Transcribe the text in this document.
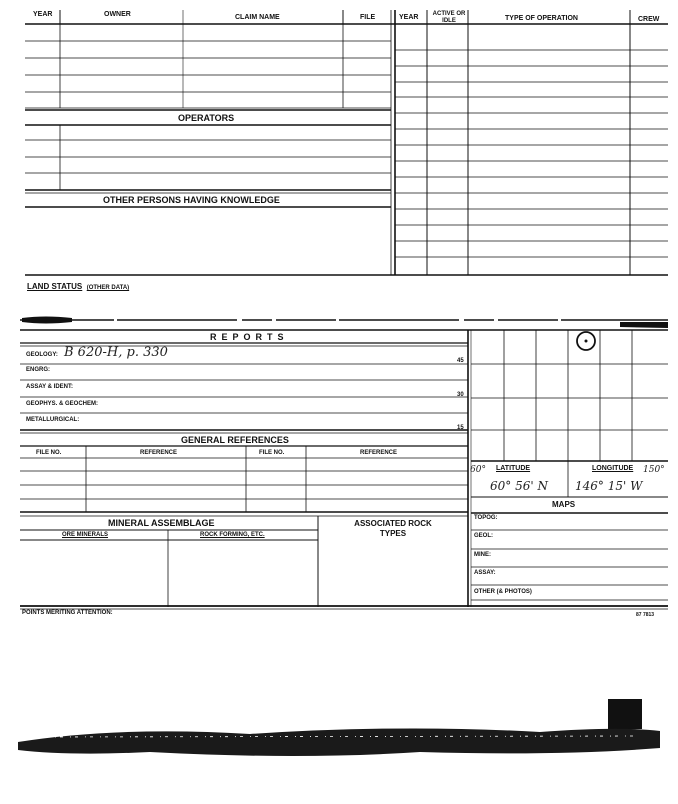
YEAR	OWNER	CLAIM NAME	FILE	YEAR ACTIVE OR IDLE	TYPE OF OPERATION	CREW
OPERATORS
OTHER PERSONS HAVING KNOWLEDGE
LAND STATUS (OTHER DATA)
REPORTS
GEOLOGY: B 620-H, p. 330
ENGRG:
ASSAY & IDENT:
GEOPHYS. & GEOCHEM:
METALLURGICAL:
45
30
15
GENERAL REFERENCES
FILE NO.	REFERENCE	FILE NO.	REFERENCE
60° LATITUDE	LONGITUDE 150°
60° 56' N 146° 15' W
MAPS
TOPOG:
GEOL:
MINE:
ASSAY:
OTHER (& PHOTOS)
MINERAL ASSEMBLAGE
ORE MINERALS	ROCK FORMING, ETC.
ASSOCIATED ROCK TYPES
POINTS MERITING ATTENTION:	87 7813
